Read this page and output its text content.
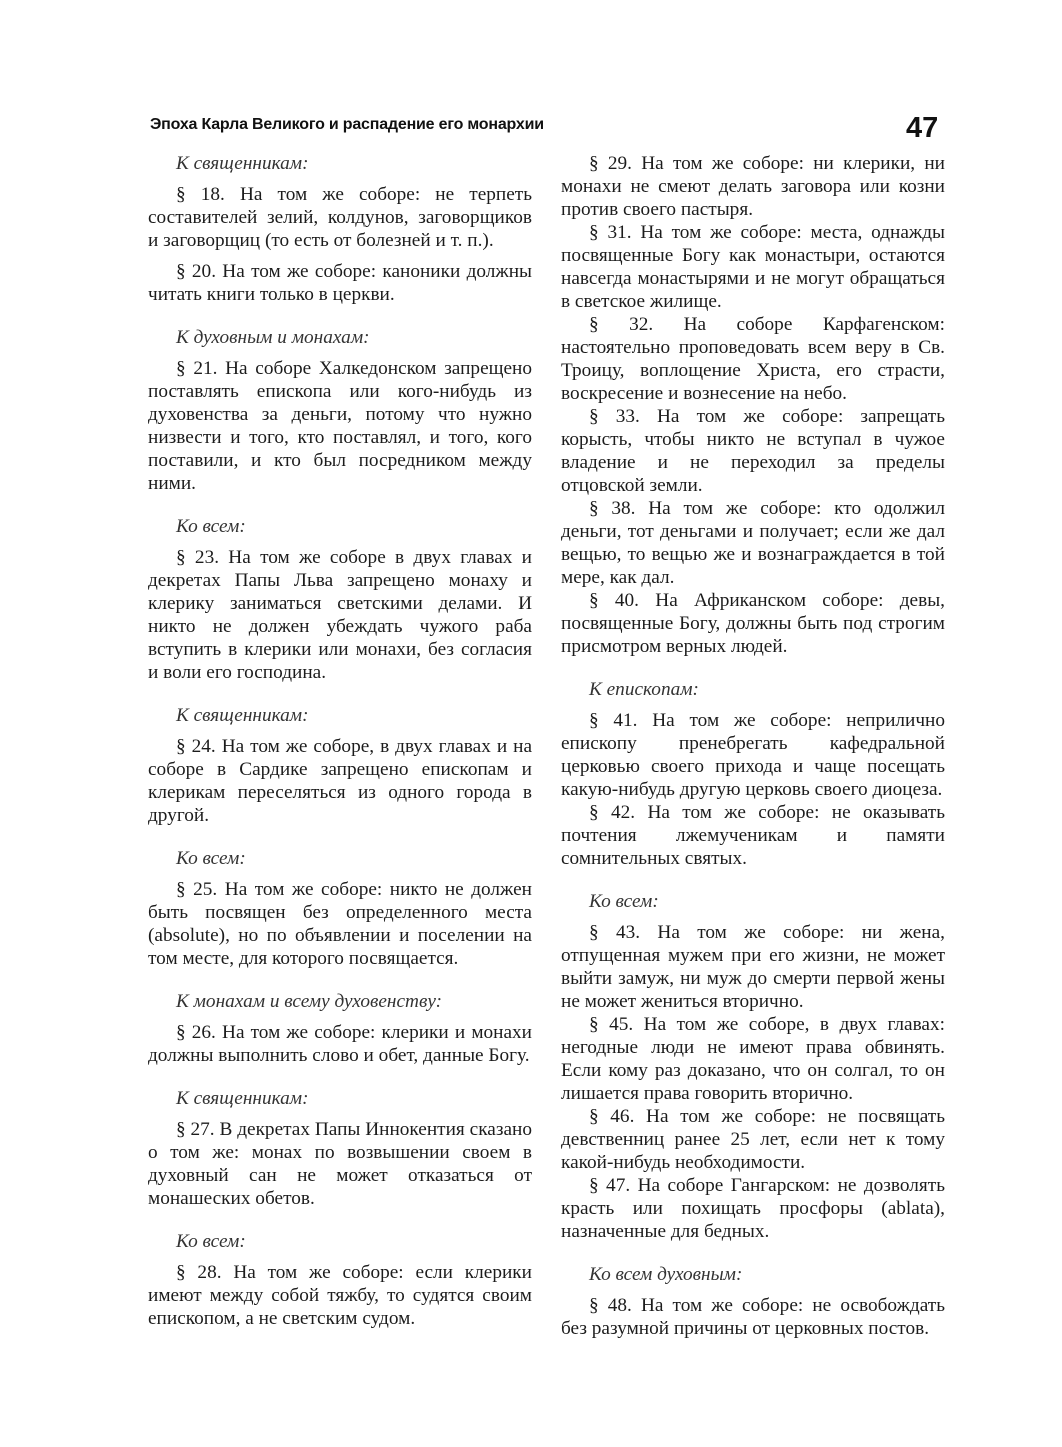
Эпоха Карла Великого и распадение его монархии	47

К священникам:

§ 18. На том же соборе: не терпеть составителей зелий, колдунов, заговорщиков и заговорщиц (то есть от болезней и т. п.).

§ 20. На том же соборе: каноники должны читать книги только в церкви.

К духовным и монахам:

§ 21. На соборе Халкедонском запрещено поставлять епископа или кого-нибудь из духовенства за деньги, потому что нужно низвести и того, кто поставлял, и того, кого поставили, и кто был посредником между ними.

Ко всем:

§ 23. На том же соборе в двух главах и декретах Папы Льва запрещено монаху и клерику заниматься светскими делами. И никто не должен убеждать чужого раба вступить в клерики или монахи, без согласия и воли его господина.

К священникам:

§ 24. На том же соборе, в двух главах и на соборе в Сардике запрещено епископам и клерикам переселяться из одного города в другой.

Ко всем:

§ 25. На том же соборе: никто не должен быть посвящен без определенного места (absolute), но по объявлении и поселении на том месте, для которого посвящается.

К монахам и всему духовенству:

§ 26. На том же соборе: клерики и монахи должны выполнить слово и обет, данные Богу.

К священникам:

§ 27. В декретах Папы Иннокентия сказано о том же: монах по возвышении своем в духовный сан не может отказаться от монашеских обетов.

Ко всем:

§ 28. На том же соборе: если клерики имеют между собой тяжбу, то судятся своим епископом, а не светским судом.

§ 29. На том же соборе: ни клерики, ни монахи не смеют делать заговора или козни против своего пастыря.

§ 31. На том же соборе: места, однажды посвященные Богу как монастыри, остаются навсегда монастырями и не могут обращаться в светское жилище.

§ 32. На соборе Карфагенском: настоятельно проповедовать всем веру в Св. Троицу, воплощение Христа, его страсти, воскресение и вознесение на небо.

§ 33. На том же соборе: запрещать корысть, чтобы никто не вступал в чужое владение и не переходил за пределы отцовской земли.

§ 38. На том же соборе: кто одолжил деньги, тот деньгами и получает; если же дал вещью, то вещью же и вознаграждается в той мере, как дал.

§ 40. На Африканском соборе: девы, посвященные Богу, должны быть под строгим присмотром верных людей.

К епископам:

§ 41. На том же соборе: неприлично епископу пренебрегать кафедральной церковью своего прихода и чаще посещать какую-нибудь другую церковь своего диоцеза.

§ 42. На том же соборе: не оказывать почтения лжемученикам и памяти сомнительных святых.

Ко всем:

§ 43. На том же соборе: ни жена, отпущенная мужем при его жизни, не может выйти замуж, ни муж до смерти первой жены не может жениться вторично.

§ 45. На том же соборе, в двух главах: негодные люди не имеют права обвинять. Если кому раз доказано, что он солгал, то он лишается права говорить вторично.

§ 46. На том же соборе: не посвящать девственниц ранее 25 лет, если нет к тому какой-нибудь необходимости.

§ 47. На соборе Гангарском: не дозволять красть или похищать просфоры (ablata), назначенные для бедных.

Ко всем духовным:

§ 48. На том же соборе: не освобождать без разумной причины от церковных постов.
